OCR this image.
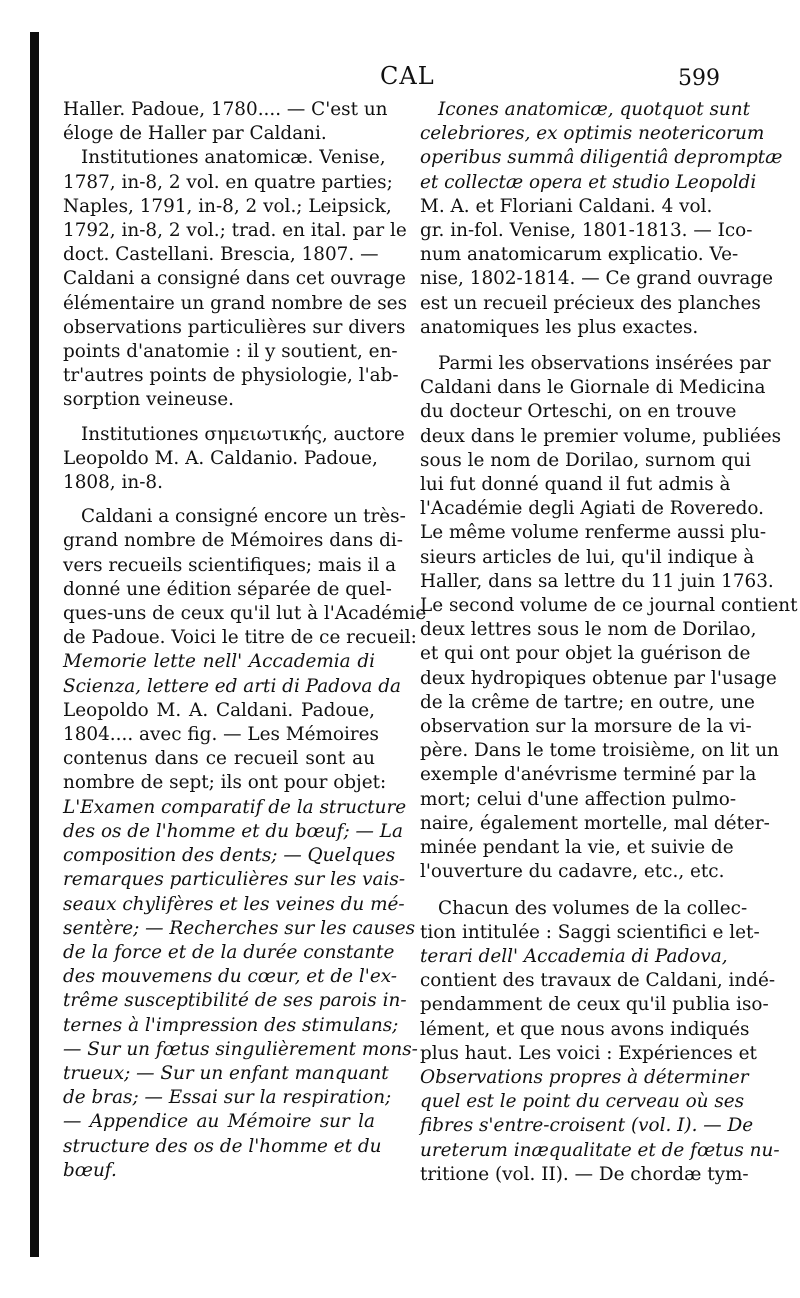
CAL	599
Haller. Padoue, 1780.... — C'est un
éloge de Haller par Caldani.
Institutiones anatomicæ. Venise,
1787, in-8, 2 vol. en quatre parties;
Naples, 1791, in-8, 2 vol.; Leipsick,
1792, in-8, 2 vol.; trad. en ital. par le
doct. Castellani. Brescia, 1807. —
Caldani a consigné dans cet ouvrage
élémentaire un grand nombre de ses
observations particulières sur divers
points d'anatomie : il y soutient, en-
tr'autres points de physiologie, l'ab-
sorption veineuse.
Institutiones σημειωτικής, auctore
Leopoldo M. A. Caldanio. Padoue,
1808, in-8.
Caldani a consigné encore un très-
grand nombre de Mémoires dans di-
vers recueils scientifiques; mais il a
donné une édition séparée de quel-
ques-uns de ceux qu'il lut à l'Académie
de Padoue. Voici le titre de ce recueil:
Memorie lette nell' Accademia di
Scienza, lettere ed arti di Padova da
Leopoldo M. A. Caldani. Padoue,
1804.... avec fig. — Les Mémoires
contenus dans ce recueil sont au
nombre de sept; ils ont pour objet:
L'Examen comparatif de la structure
des os de l'homme et du bœuf; — La
composition des dents; — Quelques
remarques particulières sur les vais-
seaux chylifères et les veines du mé-
sentère; — Recherches sur les causes
de la force et de la durée constante
des mouvemens du cœur, et de l'ex-
trême susceptibilité de ses parois in-
ternes à l'impression des stimulans;
— Sur un fœtus singulièrement mons-
trueux; — Sur un enfant manquant
de bras; — Essai sur la respiration;
— Appendice au Mémoire sur la
structure des os de l'homme et du
bœuf.
Icones anatomicæ, quotquot sunt
celebriores, ex optimis neotericorum
operibus summâ diligentiâ depromptæ
et collectæ opera et studio Leopoldi
M. A. et Floriani Caldani. 4 vol.
gr. in-fol. Venise, 1801-1813. — Ico-
num anatomicarum explicatio. Ve-
nise, 1802-1814. — Ce grand ouvrage
est un recueil précieux des planches
anatomiques les plus exactes.
Parmi les observations insérées par
Caldani dans le Giornale di Medicina
du docteur Orteschi, on en trouve
deux dans le premier volume, publiées
sous le nom de Dorilao, surnom qui
lui fut donné quand il fut admis à
l'Académie degli Agiati de Roveredo.
Le même volume renferme aussi plu-
sieurs articles de lui, qu'il indique à
Haller, dans sa lettre du 11 juin 1763.
Le second volume de ce journal contient
deux lettres sous le nom de Dorilao,
et qui ont pour objet la guérison de
deux hydropiques obtenue par l'usage
de la crême de tartre; en outre, une
observation sur la morsure de la vi-
père. Dans le tome troisième, on lit un
exemple d'anévrisme terminé par la
mort; celui d'une affection pulmo-
naire, également mortelle, mal déter-
minée pendant la vie, et suivie de
l'ouverture du cadavre, etc., etc.
Chacun des volumes de la collec-
tion intitulée : Saggi scientifici e let-
terari dell' Accademia di Padova,
contient des travaux de Caldani, indé-
pendamment de ceux qu'il publia iso-
lément, et que nous avons indiqués
plus haut. Les voici : Expériences et
Observations propres à déterminer
quel est le point du cerveau où ses
fibres s'entre-croisent (vol. I). — De
ureterum inæqualitate et de fœtus nu-
tritione (vol. II). — De chordæ tym-
